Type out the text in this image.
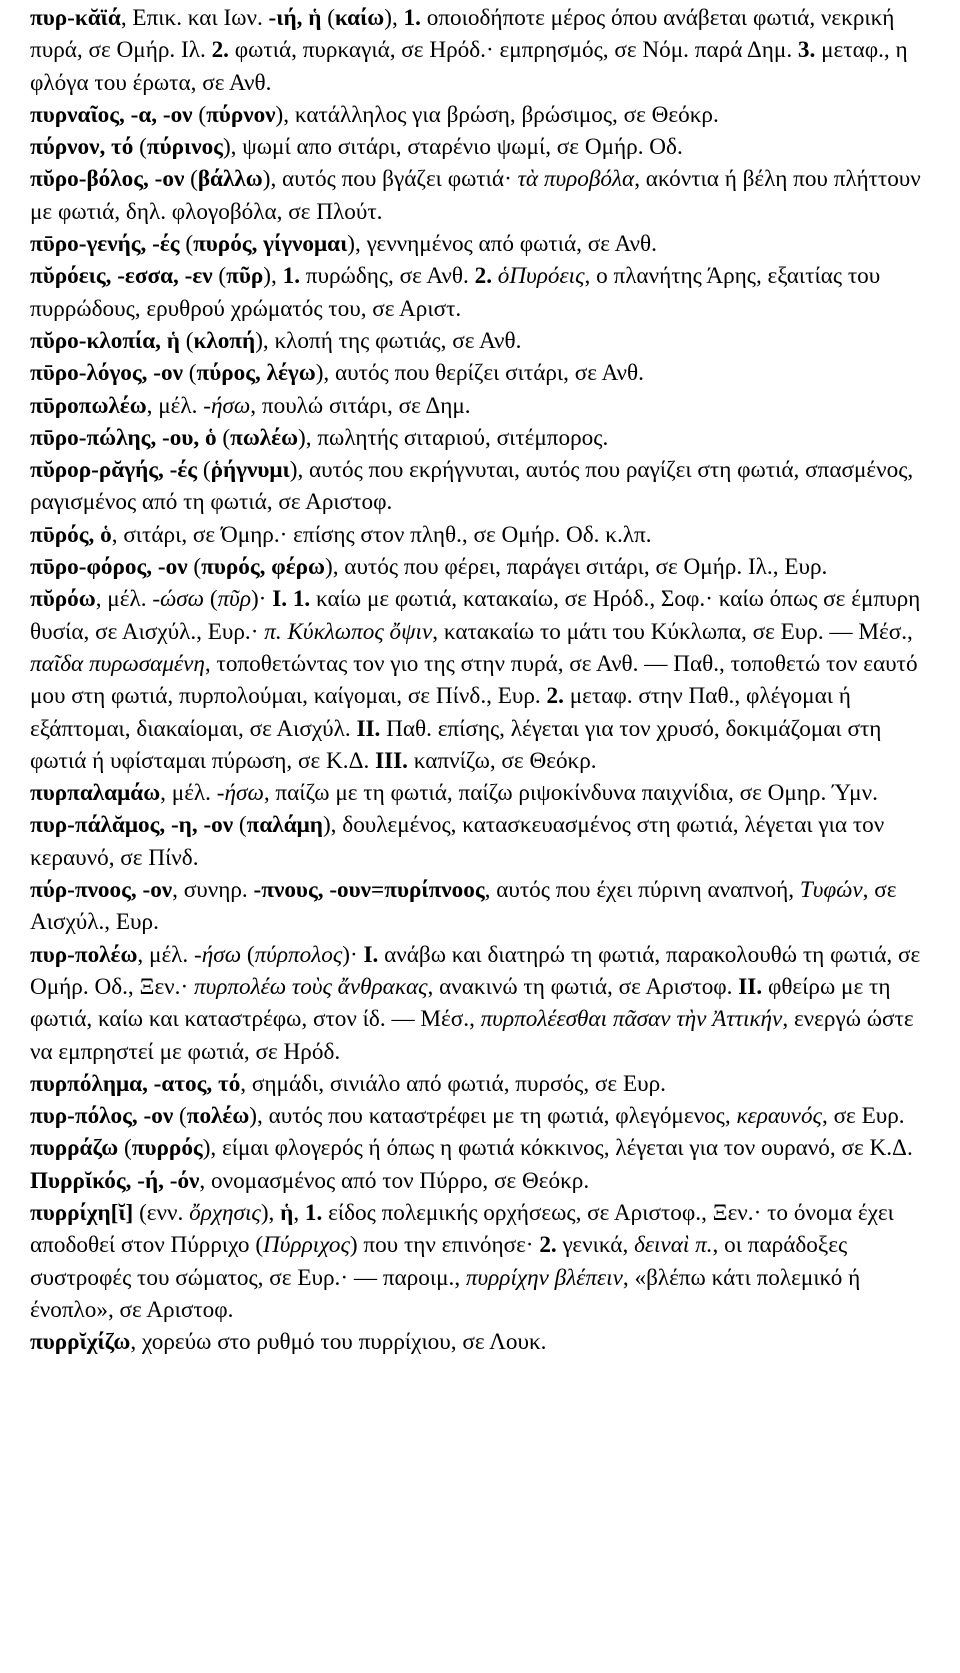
πυρ-κᾰϊά, Επικ. και Ιων. -ιή, ἡ (καίω), 1. οποιοδήποτε μέρος όπου ανάβεται φωτιά, νεκρική πυρά, σε Ομήρ. Ιλ. 2. φωτιά, πυρκαγιά, σε Ηρόδ.· εμπρησμός, σε Νόμ. παρά Δημ. 3. μεταφ., η φλόγα του έρωτα, σε Ανθ.

πυρναῖος, -α, -ον (πύρνον), κατάλληλος για βρώση, βρώσιμος, σε Θεόκρ.

πύρνον, τό (πύρινος), ψωμί απο σιτάρι, σταρένιο ψωμί, σε Ομήρ. Οδ.

πῠρο-βόλος, -ον (βάλλω), αυτός που βγάζει φωτιά· τὰ πυροβόλα, ακόντια ή βέλη που πλήττουν με φωτιά, δηλ. φλογοβόλα, σε Πλούτ.

πῡρο-γενής, -ές (πυρός, γίγνομαι), γεννημένος από φωτιά, σε Ανθ.

πῠρόεις, -εσσα, -εν (πῦρ), 1. πυρώδης, σε Ανθ. 2. ὁΠυρόεις, ο πλανήτης Άρης, εξαιτίας του πυρρώδους, ερυθρού χρώματός του, σε Αριστ.

πῠρο-κλοπία, ἡ (κλοπή), κλοπή της φωτιάς, σε Ανθ.

πῡρο-λόγος, -ον (πύρος, λέγω), αυτός που θερίζει σιτάρι, σε Ανθ.

πῡροπωλέω, μέλ. -ήσω, πουλώ σιτάρι, σε Δημ.

πῡρο-πώλης, -ου, ὁ (πωλέω), πωλητής σιταριού, σιτέμπορος.

πῠρορ-ρᾰγής, -ές (ῥήγνυμι), αυτός που εκρήγνυται, αυτός που ραγίζει στη φωτιά, σπασμένος, ραγισμένος από τη φωτιά, σε Αριστοφ.

πῡρός, ὁ, σιτάρι, σε Όμηρ.· επίσης στον πληθ., σε Ομήρ. Οδ. κ.λπ.

πῡρο-φόρος, -ον (πυρός, φέρω), αυτός που φέρει, παράγει σιτάρι, σε Ομήρ. Ιλ., Ευρ.

πῠρόω, μέλ. -ώσω (πῦρ)· I. 1. καίω με φωτιά, κατακαίω, σε Ηρόδ., Σοφ.· καίω όπως σε έμπυρη θυσία, σε Αισχύλ., Ευρ.· π. Κύκλωπος ὄψιν, κατακαίω το μάτι του Κύκλωπα, σε Ευρ. — Μέσ., παῖδα πυρωσαμένη, τοποθετώντας τον γιο της στην πυρά, σε Ανθ. — Παθ., τοποθετώ τον εαυτό μου στη φωτιά, πυρπολούμαι, καίγομαι, σε Πίνδ., Ευρ. 2. μεταφ. στην Παθ., φλέγομαι ή εξάπτομαι, διακαίομαι, σε Αισχύλ. II. Παθ. επίσης, λέγεται για τον χρυσό, δοκιμάζομαι στη φωτιά ή υφίσταμαι πύρωση, σε Κ.Δ. III. καπνίζω, σε Θεόκρ.

πυρπαλαμάω, μέλ. -ήσω, παίζω με τη φωτιά, παίζω ριψοκίνδυνα παιχνίδια, σε Ομηρ. Ύμν.

πυρ-πάλᾰμος, -η, -ον (παλάμη), δουλεμένος, κατασκευασμένος στη φωτιά, λέγεται για τον κεραυνό, σε Πίνδ.

πύρ-πνοος, -ον, συνηρ. -πνους, -ουν=πυρίπνοος, αυτός που έχει πύρινη αναπνοή, Τυφών, σε Αισχύλ., Ευρ.

πυρ-πολέω, μέλ. -ήσω (πύρπολος)· I. ανάβω και διατηρώ τη φωτιά, παρακολουθώ τη φωτιά, σε Ομήρ. Οδ., Ξεν.· πυρπολέω τοὺς ἄνθρακας, ανακινώ τη φωτιά, σε Αριστοφ. II. φθείρω με τη φωτιά, καίω και καταστρέφω, στον ίδ. — Μέσ., πυρπολέεσθαι πᾶσαν τὴν Ἀττικήν, ενεργώ ώστε να εμπρηστεί με φωτιά, σε Ηρόδ.

πυρπόλημα, -ατος, τό, σημάδι, σινιάλο από φωτιά, πυρσός, σε Ευρ.

πυρ-πόλος, -ον (πολέω), αυτός που καταστρέφει με τη φωτιά, φλεγόμενος, κεραυνός, σε Ευρ.

πυρράζω (πυρρός), είμαι φλογερός ή όπως η φωτιά κόκκινος, λέγεται για τον ουρανό, σε Κ.Δ.

Πυρρῐκός, -ή, -όν, ονομασμένος από τον Πύρρο, σε Θεόκρ.

πυρρίχη[ῐ] (ενν. ὄρχησις), ἡ, 1. είδος πολεμικής ορχήσεως, σε Αριστοφ., Ξεν.· το όνομα έχει αποδοθεί στον Πύρριχο (Πύρριχος) που την επινόησε· 2. γενικά, δειναὶ π., οι παράδοξες συστροφές του σώματος, σε Ευρ.· — παροιμ., πυρρίχην βλέπειν, «βλέπω κάτι πολεμικό ή ένοπλο», σε Αριστοφ.

πυρρῐχίζω, χορεύω στο ρυθμό του πυρρίχιου, σε Λουκ.
